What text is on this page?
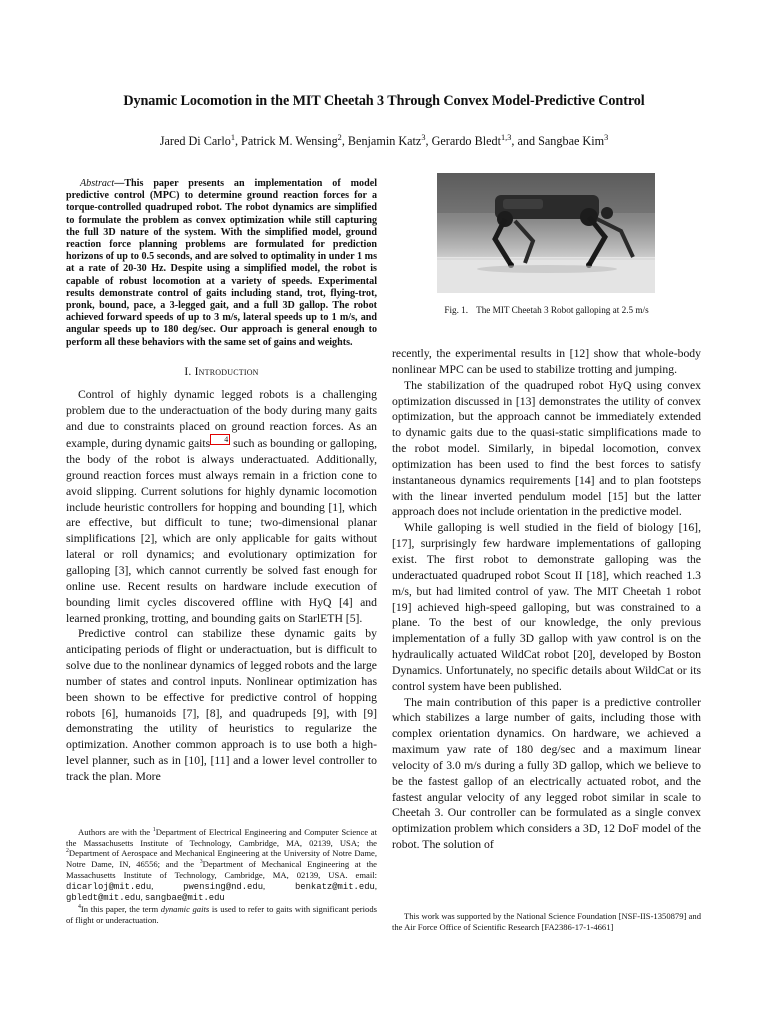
Dynamic Locomotion in the MIT Cheetah 3 Through Convex Model-Predictive Control
Jared Di Carlo$^1$, Patrick M. Wensing$^2$, Benjamin Katz$^3$, Gerardo Bledt$^{1,3}$, and Sangbae Kim$^3$

Abstract—This paper presents an implementation of model predictive control (MPC) to determine ground reaction forces for a torque-controlled quadruped robot. The robot dynamics are simplified to formulate the problem as convex optimization while still capturing the full 3D nature of the system. With the simplified model, ground reaction force planning problems are formulated for prediction horizons of up to 0.5 seconds, and are solved to optimality in under 1 ms at a rate of 20-30 Hz. Despite using a simplified model, the robot is capable of robust locomotion at a variety of speeds. Experimental results demonstrate control of gaits including stand, trot, flying-trot, pronk, bound, pace, a 3-legged gait, and a full 3D gallop. The robot achieved forward speeds of up to 3 m/s, lateral speeds up to 1 m/s, and angular speeds up to 180 deg/sec. Our approach is general enough to perform all these behaviors with the same set of gains and weights.

I. Introduction

Control of highly dynamic legged robots is a challenging problem due to the underactuation of the body during many gaits and due to constraints placed on ground reaction forces. As an example, during dynamic gaits 4 such as bounding or galloping, the body of the robot is always underactuated. Additionally, ground reaction forces must always remain in a friction cone to avoid slipping. Current solutions for highly dynamic locomotion include heuristic controllers for hopping and bounding [1], which are effective, but difficult to tune; two-dimensional planar simplifications [2], which are only applicable for gaits without lateral or roll dynamics; and evolutionary optimization for galloping [3], which cannot currently be solved fast enough for online use. Recent results on hardware include execution of bounding limit cycles discovered offline with HyQ [4] and learned pronking, trotting, and bounding gaits on StarlETH [5].

Predictive control can stabilize these dynamic gaits by anticipating periods of flight or underactuation, but is difficult to solve due to the nonlinear dynamics of legged robots and the large number of states and control inputs. Nonlinear optimization has been shown to be effective for predictive control of hopping robots [6], humanoids [7], [8], and quadrupeds [9], with [9] demonstrating the utility of heuristics to regularize the optimization. Another common approach is to use both a high-level planner, such as in [10], [11] and a lower level controller to track the plan. More

Authors are with the $^1$Department of Electrical Engineering and Computer Science at the Massachusetts Institute of Technology, Cambridge, MA, 02139, USA; the $^2$Department of Aerospace and Mechanical Engineering at the University of Notre Dame, Notre Dame, IN, 46556; and the $^3$Department of Mechanical Engineering at the Massachusetts Institute of Technology, Cambridge, MA, 02139, USA. email: dicarloj@mit.edu, pwensing@nd.edu, benkatz@mit.edu, gbledt@mit.edu, sangbae@mit.edu

$^4$In this paper, the term dynamic gaits is used to refer to gaits with significant periods of flight or underactuation.

Fig. 1. The MIT Cheetah 3 Robot galloping at 2.5 m/s

recently, the experimental results in [12] show that whole-body nonlinear MPC can be used to stabilize trotting and jumping.

The stabilization of the quadruped robot HyQ using convex optimization discussed in [13] demonstrates the utility of convex optimization, but the approach cannot be immediately extended to dynamic gaits due to the quasi-static simplifications made to the robot model. Similarly, in bipedal locomotion, convex optimization has been used to find the best forces to satisfy instantaneous dynamics requirements [14] and to plan footsteps with the linear inverted pendulum model [15] but the latter approach does not include orientation in the predictive model.

While galloping is well studied in the field of biology [16], [17], surprisingly few hardware implementations of galloping exist. The first robot to demonstrate galloping was the underactuated quadruped robot Scout II [18], which reached 1.3 m/s, but had limited control of yaw. The MIT Cheetah 1 robot [19] achieved high-speed galloping, but was constrained to a plane. To the best of our knowledge, the only previous implementation of a fully 3D gallop with yaw control is on the hydraulically actuated WildCat robot [20], developed by Boston Dynamics. Unfortunately, no specific details about WildCat or its control system have been published.

The main contribution of this paper is a predictive controller which stabilizes a large number of gaits, including those with complex orientation dynamics. On hardware, we achieved a maximum yaw rate of 180 deg/sec and a maximum linear velocity of 3.0 m/s during a fully 3D gallop, which we believe to be the fastest gallop of an electrically actuated robot, and the fastest angular velocity of any legged robot similar in scale to Cheetah 3. Our controller can be formulated as a single convex optimization problem which considers a 3D, 12 DoF model of the robot. The solution of

This work was supported by the National Science Foundation [NSF-IIS-1350879] and the Air Force Office of Scientific Research [FA2386-17-1-4661]
